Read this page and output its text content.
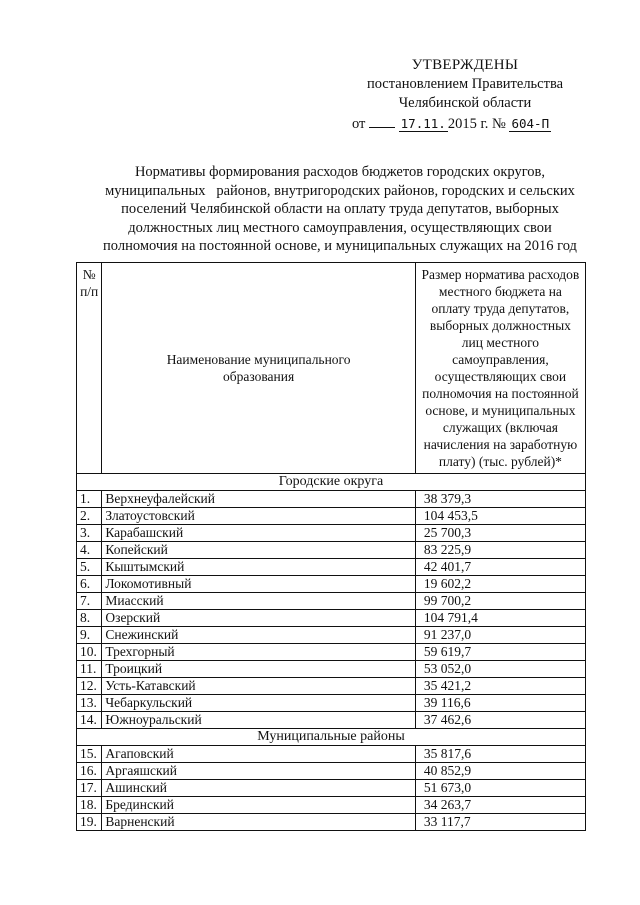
УТВЕРЖДЕНЫ
постановлением Правительства
Челябинской области
от	17.11. 2015 г. № 604-П
Нормативы формирования расходов бюджетов городских округов,
муниципальных   районов, внутригородских районов, городских и сельских
поселений Челябинской области на оплату труда депутатов, выборных
должностных лиц местного самоуправления, осуществляющих свои
полномочия на постоянной основе, и муниципальных служащих на 2016 год
№ п/п	Наименование муниципального образования	Размер норматива расходов местного бюджета на оплату труда депутатов, выборных должностных лиц местного самоуправления, осуществляющих свои полномочия на постоянной основе, и муниципальных служащих (включая начисления на заработную плату) (тыс. рублей)*
Городские округа		
1.	Верхнеуфалейский	38 379,3
2.	Златоустовский	104 453,5
3.	Карабашский	25 700,3
4.	Копейский	83 225,9
5.	Кыштымский	42 401,7
6.	Локомотивный	19 602,2
7.	Миасский	99 700,2
8.	Озерский	104 791,4
9.	Снежинский	91 237,0
10.	Трехгорный	59 619,7
11.	Троицкий	53 052,0
12.	Усть-Катавский	35 421,2
13.	Чебаркульский	39 116,6
14.	Южноуральский	37 462,6
Муниципальные районы		
15.	Агаповский	35 817,6
16.	Аргаяшский	40 852,9
17.	Ашинский	51 673,0
18.	Брединский	34 263,7
19.	Варненский	33 117,7
